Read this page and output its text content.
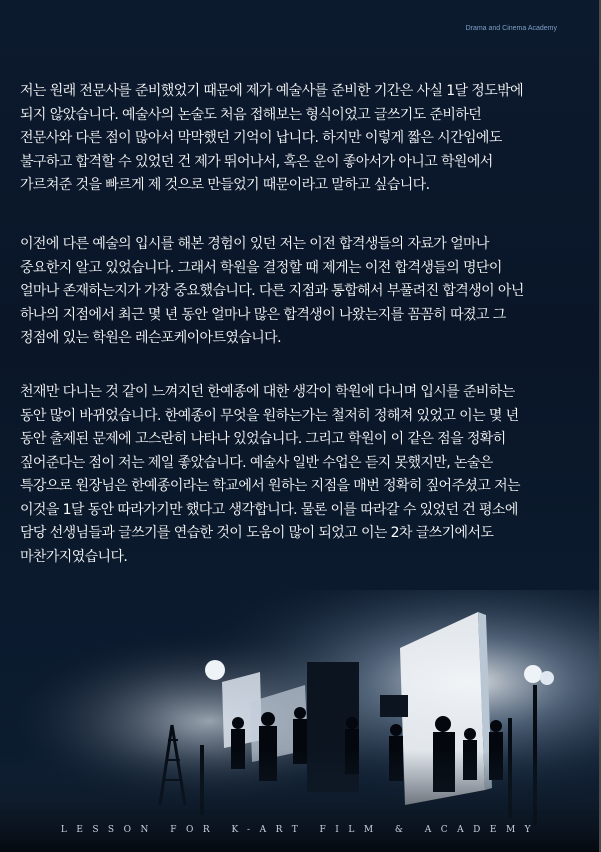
Drama and Cinema Academy
저는 원래 전문사를 준비했었기 때문에 제가 예술사를 준비한 기간은 사실 1달 정도밖에
되지 않았습니다. 예술사의 논술도 처음 접해보는 형식이었고 글쓰기도 준비하던
전문사와 다른 점이 많아서 막막했던 기억이 납니다. 하지만 이렇게 짧은 시간임에도
불구하고 합격할 수 있었던 건 제가 뛰어나서, 혹은 운이 좋아서가 아니고 학원에서
가르쳐준 것을 빠르게 제 것으로 만들었기 때문이라고 말하고 싶습니다.
이전에 다른 예술의 입시를 해본 경험이 있던 저는 이전 합격생들의 자료가 얼마나
중요한지 알고 있었습니다. 그래서 학원을 결정할 때 제게는 이전 합격생들의 명단이
얼마나 존재하는지가 가장 중요했습니다. 다른 지점과 통합해서 부풀려진 합격생이 아닌
하나의 지점에서 최근 몇 년 동안 얼마나 많은 합격생이 나왔는지를 꼼꼼히 따졌고 그
정점에 있는 학원은 레슨포케이아트였습니다.
천재만 다니는 것 같이 느껴지던 한예종에 대한 생각이 학원에 다니며 입시를 준비하는
동안 많이 바뀌었습니다. 한예종이 무엇을 원하는가는 철저히 정해져 있었고 이는 몇 년
동안 출제된 문제에 고스란히 나타나 있었습니다. 그리고 학원이 이 같은 점을 정확히
짚어준다는 점이 저는 제일 좋았습니다. 예술사 일반 수업은 듣지 못했지만, 논술은
특강으로 원장님은 한예종이라는 학교에서 원하는 지점을 매번 정확히 짚어주셨고 저는
이것을 1달 동안 따라가기만 했다고 생각합니다. 물론 이를 따라갈 수 있었던 건 평소에
담당 선생님들과 글쓰기를 연습한 것이 도움이 많이 되었고 이는 2차 글쓰기에서도
마찬가지였습니다.
LESSON FOR K-ART FILM & ACADEMY
